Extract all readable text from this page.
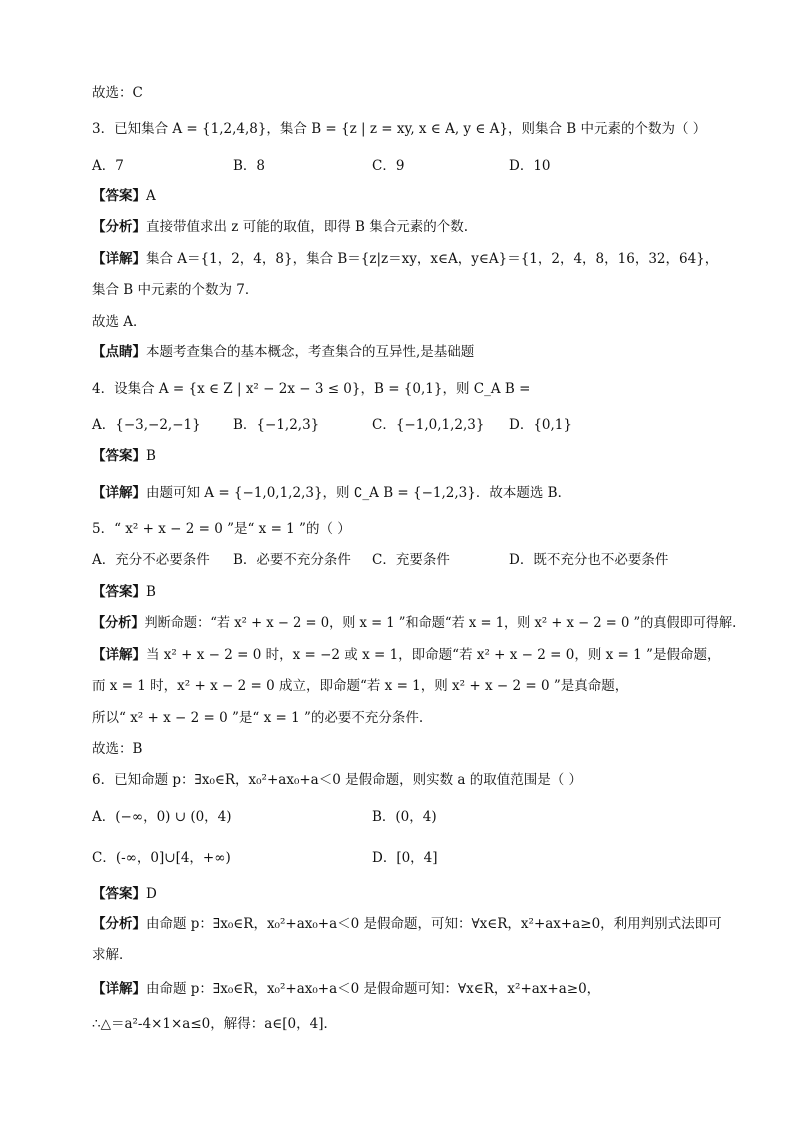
故选：C
3．已知集合 A = {1,2,4,8}，集合 B = {z | z = xy, x ∈ A, y ∈ A}，则集合 B 中元素的个数为（ ）
A．7	B．8	C．9	D．10
【答案】A
【分析】直接带值求出 z 可能的取值，即得 B 集合元素的个数.
【详解】集合 A＝{1，2，4，8}，集合 B＝{z|z＝xy，x∈A，y∈A}＝{1，2，4，8，16，32，64}，
集合 B 中元素的个数为 7．
故选 A．
【点睛】本题考查集合的基本概念，考查集合的互异性,是基础题
4．设集合 A = {x ∈ Z | x² − 2x − 3 ≤ 0}，B = {0,1}，则 C_A B =
A．{−3,−2,−1} B．{−1,2,3}	C．{−1,0,1,2,3} D．{0,1}
【答案】B
【详解】由题可知 A = {−1,0,1,2,3}，则 ∁_A B = {−1,2,3}．故本题选 B．
5．“ x² + x − 2 = 0 ”是“ x = 1 ”的（ ）
A．充分不必要条件 B．必要不充分条件 C．充要条件	D．既不充分也不必要条件
【答案】B
【分析】判断命题：“若 x² + x − 2 = 0，则 x = 1 ”和命题“若 x = 1，则 x² + x − 2 = 0 ”的真假即可得解.
【详解】当 x² + x − 2 = 0 时，x = −2 或 x = 1，即命题“若 x² + x − 2 = 0，则 x = 1 ”是假命题，
而 x = 1 时，x² + x − 2 = 0 成立，即命题“若 x = 1，则 x² + x − 2 = 0 ”是真命题，
所以“ x² + x − 2 = 0 ”是“ x = 1 ”的必要不充分条件.
故选：B
6．已知命题 p：∃x₀∈R，x₀²+ax₀+a＜0 是假命题，则实数 a 的取值范围是（ ）
A．(−∞，0) ∪ (0，4)	B．(0，4)
C．(-∞，0]∪[4，+∞)	D．[0，4]
【答案】D
【分析】由命题 p：∃x₀∈R，x₀²+ax₀+a＜0 是假命题，可知：∀x∈R，x²+ax+a≥0，利用判别式法即可
求解．
【详解】由命题 p：∃x₀∈R，x₀²+ax₀+a＜0 是假命题可知：∀x∈R，x²+ax+a≥0，
∴△＝a²-4×1×a≤0，解得：a∈[0，4]．
